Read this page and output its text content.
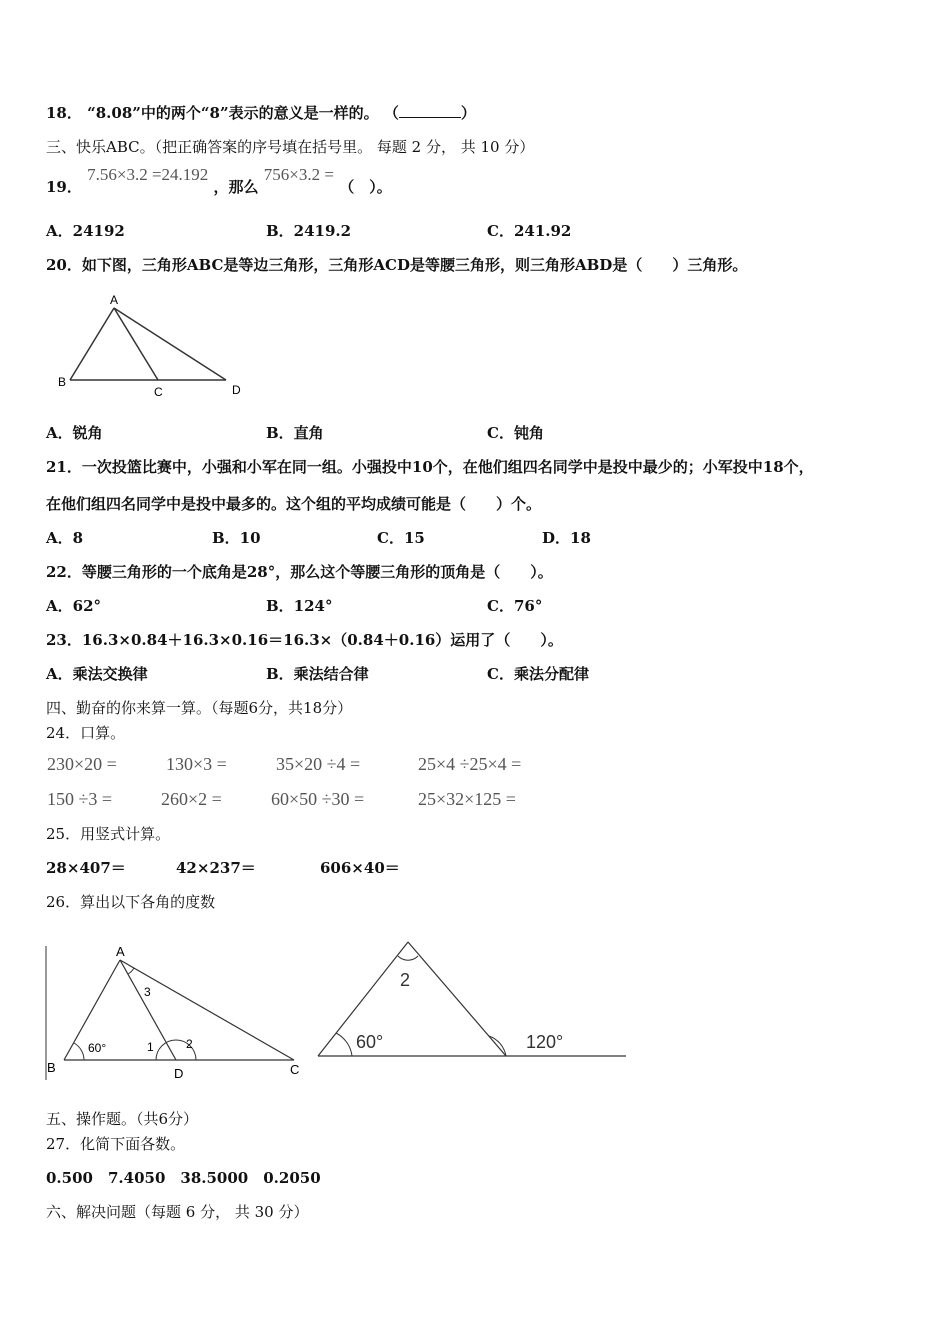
18． “8.08”中的两个“8”表示的意义是一样的。 （	）
三、快乐ABC。（把正确答案的序号填在括号里。 每题 2 分， 共 10 分）
19． 7.56×3.2 =24.192 ，那么 756×3.2 = （　）。
A．24192	B．2419.2	C．241.92
20．如下图，三角形ABC是等边三角形，三角形ACD是等腰三角形，则三角形ABD是（　　）三角形。
A
B
C	D
A．锐角	B．直角	C．钝角
21．一次投篮比赛中，小强和小军在同一组。小强投中10个，在他们组四名同学中是投中最少的；小军投中18个，
在他们组四名同学中是投中最多的。这个组的平均成绩可能是（　　）个。
A．8	B．10	C．15	D．18
22．等腰三角形的一个底角是28°，那么这个等腰三角形的顶角是（　　）。
A．62°	B．124°	C．76°
23．16.3×0.84＋16.3×0.16＝16.3×（0.84＋0.16）运用了（　　）。
A．乘法交换律	B．乘法结合律	C．乘法分配律
四、勤奋的你来算一算。（每题6分，共18分）
24．口算。
230×20 =	130×3 =	35×20 ÷4 =	25×4 ÷25×4 =
150 ÷3 =	260×2 =	60×50 ÷30 =	25×32×125 =
25．用竖式计算。
28×407＝	42×237＝	606×40＝
26．算出以下各角的度数
A
B	C
D
60°	1	2
3
2
60°	120°
五、操作题。（共6分）
27．化简下面各数。
0.500　7.4050　38.5000　0.2050
六、解决问题（每题 6 分， 共 30 分）
